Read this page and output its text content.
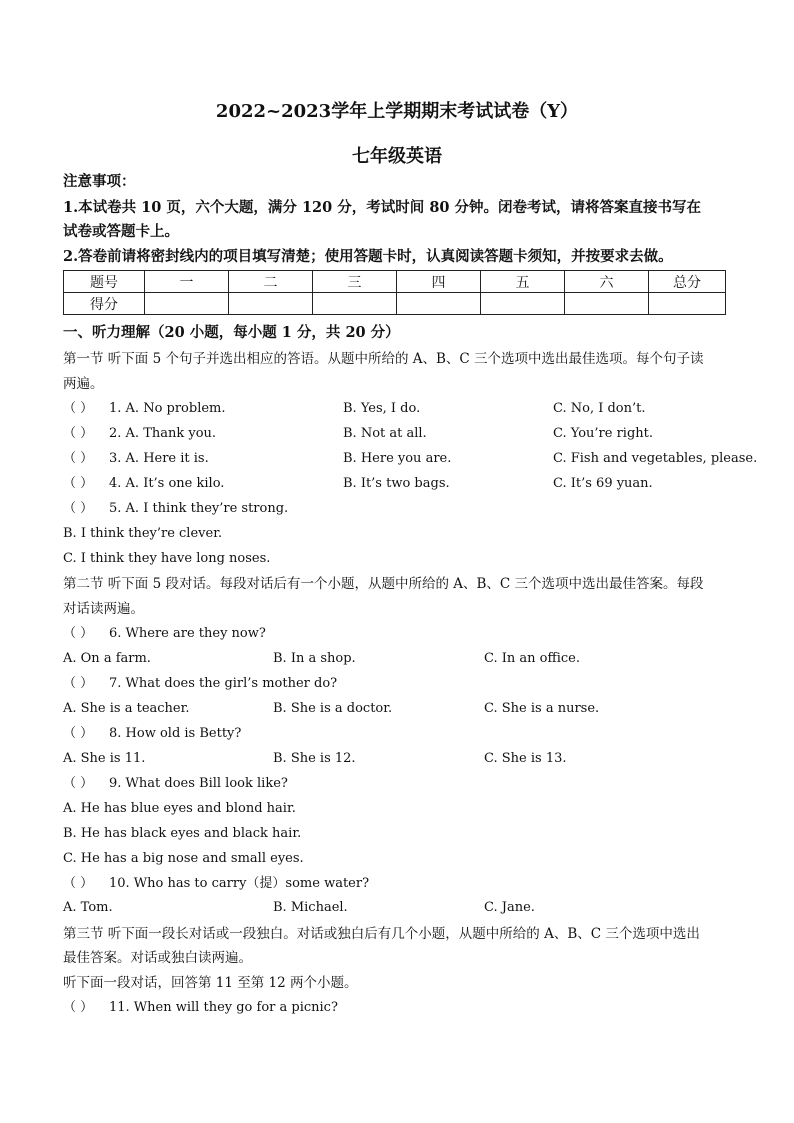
2022~2023学年上学期期末考试试卷（Y）
七年级英语
注意事项：
1.本试卷共 10 页，六个大题，满分 120 分，考试时间 80 分钟。闭卷考试，请将答案直接书写在
试卷或答题卡上。
2.答卷前请将密封线内的项目填写清楚；使用答题卡时，认真阅读答题卡须知，并按要求去做。
题号	一	二	三	四	五	六	总分
得分							
一、听力理解（20 小题，每小题 1 分，共 20 分）
第一节 听下面 5 个句子并选出相应的答语。从题中所给的 A、B、C 三个选项中选出最佳选项。每个句子读
两遍。
（ ） 1. A. No problem.	B. Yes, I do.	C. No, I don’t.
（ ） 2. A. Thank you.	B. Not at all.	C. You’re right.
（ ） 3. A. Here it is.	B. Here you are.	C. Fish and vegetables, please.
（ ） 4. A. It’s one kilo.	B. It’s two bags.	C. It’s 69 yuan.
（ ） 5. A. I think they’re strong.
B. I think they’re clever.
C. I think they have long noses.
第二节 听下面 5 段对话。每段对话后有一个小题，从题中所给的 A、B、C 三个选项中选出最佳答案。每段
对话读两遍。
（ ） 6. Where are they now?
A. On a farm.	B. In a shop.	C. In an office.
（ ） 7. What does the girl’s mother do?
A. She is a teacher.	B. She is a doctor.	C. She is a nurse.
（ ） 8. How old is Betty?
A. She is 11.	B. She is 12.	C. She is 13.
（ ） 9. What does Bill look like?
A. He has blue eyes and blond hair.
B. He has black eyes and black hair.
C. He has a big nose and small eyes.
（ ） 10. Who has to carry（提）some water?
A. Tom.	B. Michael.	C. Jane.
第三节 听下面一段长对话或一段独白。对话或独白后有几个小题，从题中所给的 A、B、C 三个选项中选出
最佳答案。对话或独白读两遍。
听下面一段对话，回答第 11 至第 12 两个小题。
（ ） 11. When will they go for a picnic?
